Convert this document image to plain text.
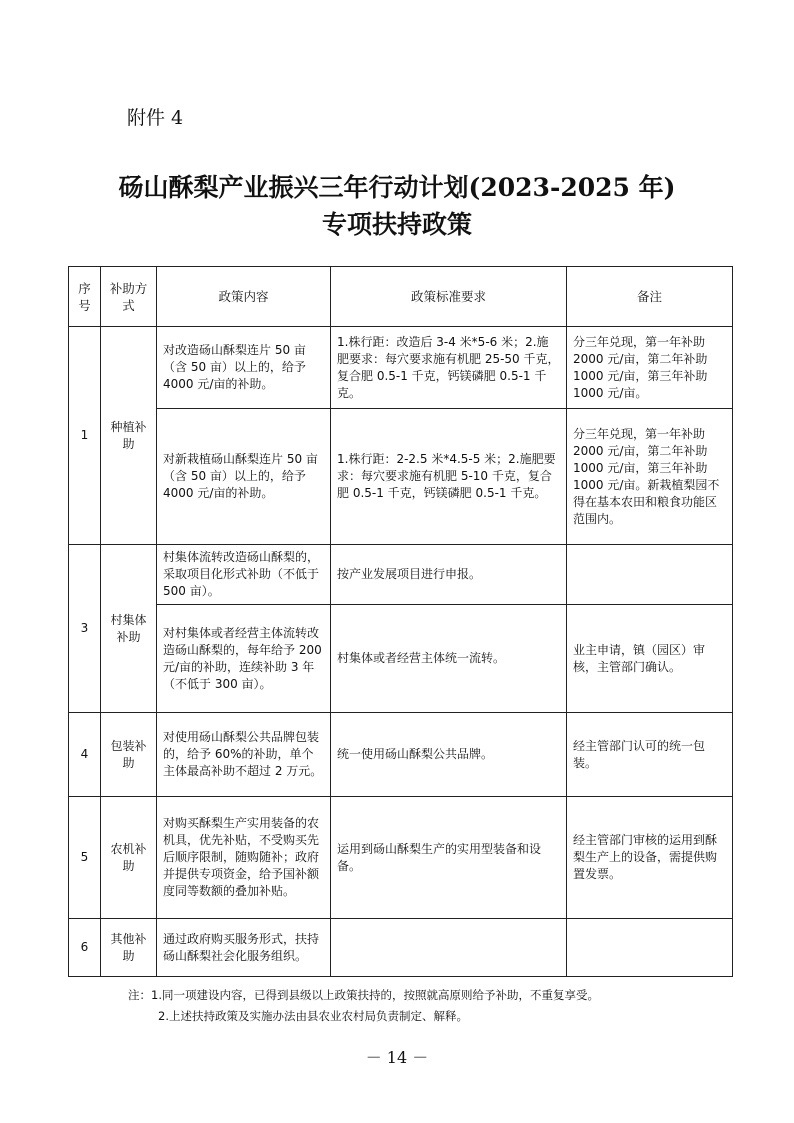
附件 4
砀山酥梨产业振兴三年行动计划(2023-2025 年)
专项扶持政策
序号	补助方式	政策内容	政策标准要求	备注
1	种植补助	对改造砀山酥梨连片 50 亩（含 50 亩）以上的，给予 4000 元/亩的补助。	1.株行距：改造后 3-4 米*5-6 米；2.施肥要求：每穴要求施有机肥 25-50 千克，复合肥 0.5-1 千克，钙镁磷肥 0.5-1 千克。	分三年兑现，第一年补助 2000 元/亩，第二年补助 1000 元/亩，第三年补助 1000 元/亩。
		对新栽植砀山酥梨连片 50 亩（含 50 亩）以上的，给予 4000 元/亩的补助。	1.株行距：2-2.5 米*4.5-5 米；2.施肥要求：每穴要求施有机肥 5-10 千克，复合肥 0.5-1 千克，钙镁磷肥 0.5-1 千克。	分三年兑现，第一年补助 2000 元/亩，第二年补助 1000 元/亩，第三年补助 1000 元/亩。新栽植梨园不得在基本农田和粮食功能区范围内。
3	村集体补助	村集体流转改造砀山酥梨的，采取项目化形式补助（不低于 500 亩）。	按产业发展项目进行申报。	
		对村集体或者经营主体流转改造砀山酥梨的，每年给予 200 元/亩的补助，连续补助 3 年（不低于 300 亩）。	村集体或者经营主体统一流转。	业主申请，镇（园区）审核，主管部门确认。
4	包装补助	对使用砀山酥梨公共品牌包装的，给予 60%的补助，单个主体最高补助不超过 2 万元。	统一使用砀山酥梨公共品牌。	经主管部门认可的统一包装。
5	农机补助	对购买酥梨生产实用装备的农机具，优先补贴，不受购买先后顺序限制，随购随补；政府并提供专项资金，给予国补额度同等数额的叠加补贴。	运用到砀山酥梨生产的实用型装备和设备。	经主管部门审核的运用到酥梨生产上的设备，需提供购置发票。
6	其他补助	通过政府购买服务形式，扶持砀山酥梨社会化服务组织。		
注：1.同一项建设内容，已得到县级以上政策扶持的，按照就高原则给予补助，不重复享受。
2.上述扶持政策及实施办法由县农业农村局负责制定、解释。
－ 14 －
